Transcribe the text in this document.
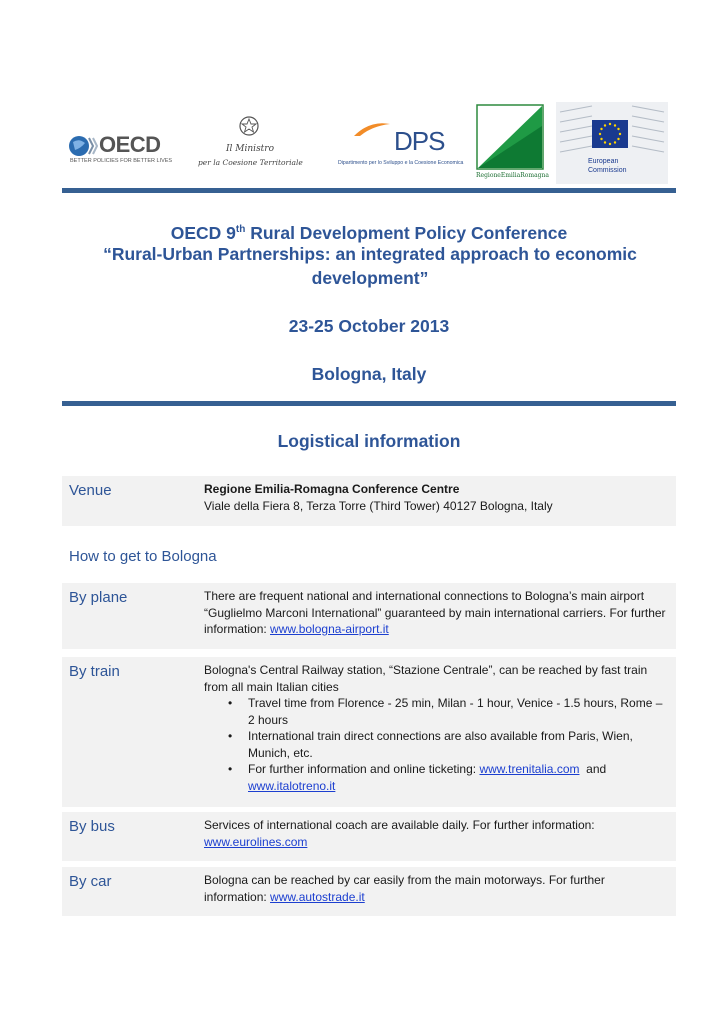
OECD
BETTER POLICIES FOR BETTER LIVES
Il Ministro
per la Coesione Territoriale
DPS
Dipartimento per lo Sviluppo e la Coesione Economica
RegioneEmiliaRomagna
European
Commission
OECD 9th Rural Development Policy Conference
“Rural-Urban Partnerships: an integrated approach to economic development”
23-25 October 2013
Bologna, Italy
Logistical information
Venue	Regione Emilia-Romagna Conference Centre
Viale della Fiera 8, Terza Torre (Third Tower) 40127 Bologna, Italy
How to get to Bologna
By plane	There are frequent national and international connections to Bologna’s main airport “Guglielmo Marconi International” guaranteed by main international carriers. For further information: www.bologna-airport.it
By train	Bologna's Central Railway station, “Stazione Centrale”, can be reached by fast train from all main Italian cities
• Travel time from Florence - 25 min, Milan - 1 hour, Venice - 1.5 hours, Rome – 2 hours
• International train direct connections are also available from Paris, Wien, Munich, etc.
• For further information and online ticketing: www.trenitalia.com  and
www.italotreno.it
By bus	Services of international coach are available daily. For further information: www.eurolines.com
By car	Bologna can be reached by car easily from the main motorways. For further information: www.autostrade.it
